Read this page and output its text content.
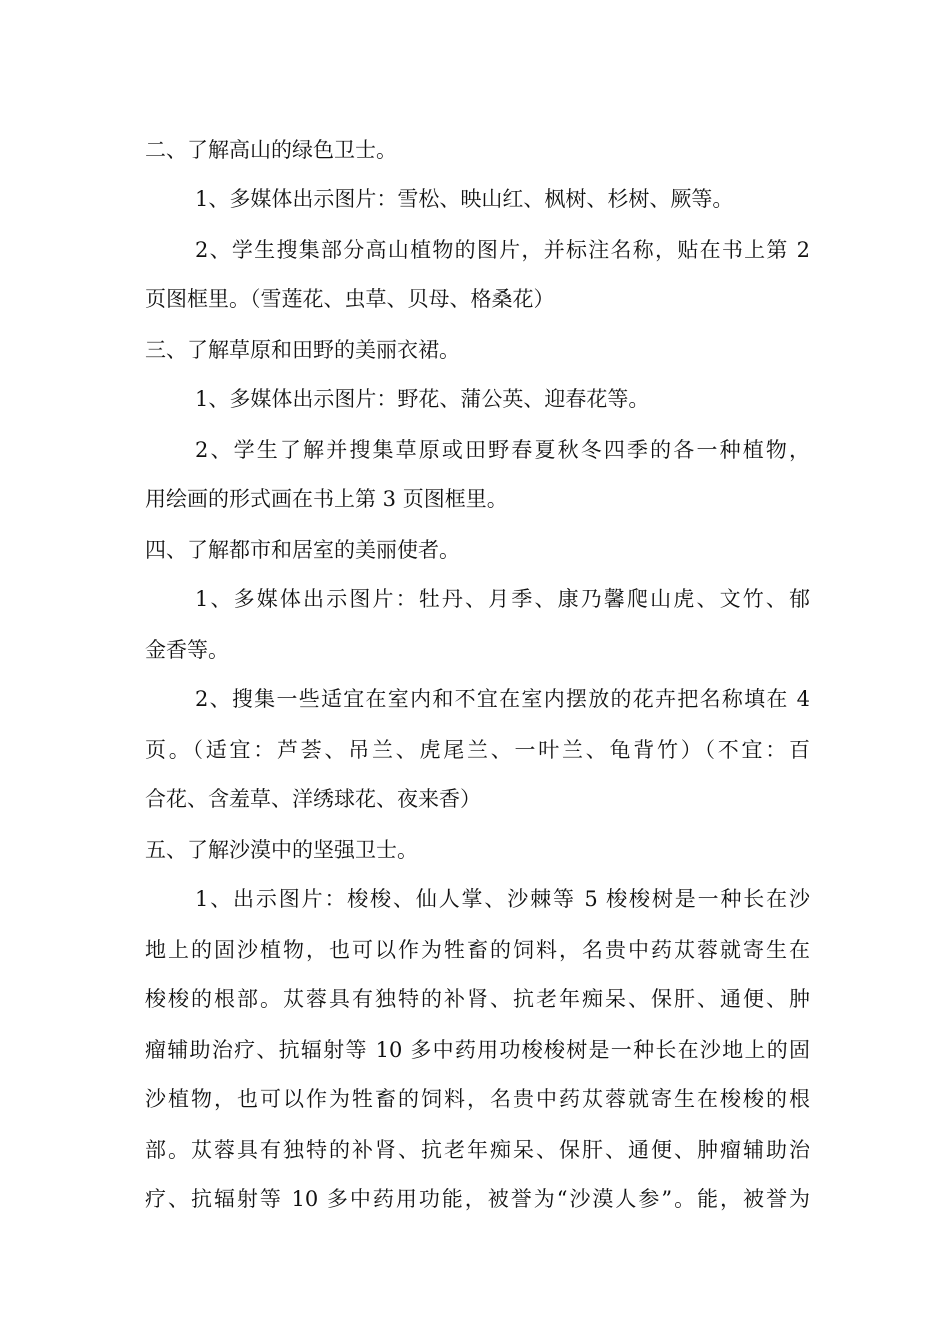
二、了解高山的绿色卫士。
1、多媒体出示图片：雪松、映山红、枫树、杉树、厥等。
2、学生搜集部分高山植物的图片，并标注名称，贴在书上第 2
页图框里。（雪莲花、虫草、贝母、格桑花）
三、了解草原和田野的美丽衣裙。
1、多媒体出示图片：野花、蒲公英、迎春花等。
2、学生了解并搜集草原或田野春夏秋冬四季的各一种植物，
用绘画的形式画在书上第 3 页图框里。
四、了解都市和居室的美丽使者。
1、多媒体出示图片：牡丹、月季、康乃馨爬山虎、文竹、郁
金香等。
2、搜集一些适宜在室内和不宜在室内摆放的花卉把名称填在 4
页。（适宜：芦荟、吊兰、虎尾兰、一叶兰、龟背竹）（不宜：百
合花、含羞草、洋绣球花、夜来香）
五、了解沙漠中的坚强卫士。
1、出示图片：梭梭、仙人掌、沙棘等 5 梭梭树是一种长在沙
地上的固沙植物，也可以作为牲畜的饲料，名贵中药苁蓉就寄生在
梭梭的根部。苁蓉具有独特的补肾、抗老年痴呆、保肝、通便、肿
瘤辅助治疗、抗辐射等 10 多中药用功梭梭树是一种长在沙地上的固
沙植物，也可以作为牲畜的饲料，名贵中药苁蓉就寄生在梭梭的根
部。苁蓉具有独特的补肾、抗老年痴呆、保肝、通便、肿瘤辅助治
疗、抗辐射等 10 多中药用功能，被誉为“沙漠人参”。能，被誉为
